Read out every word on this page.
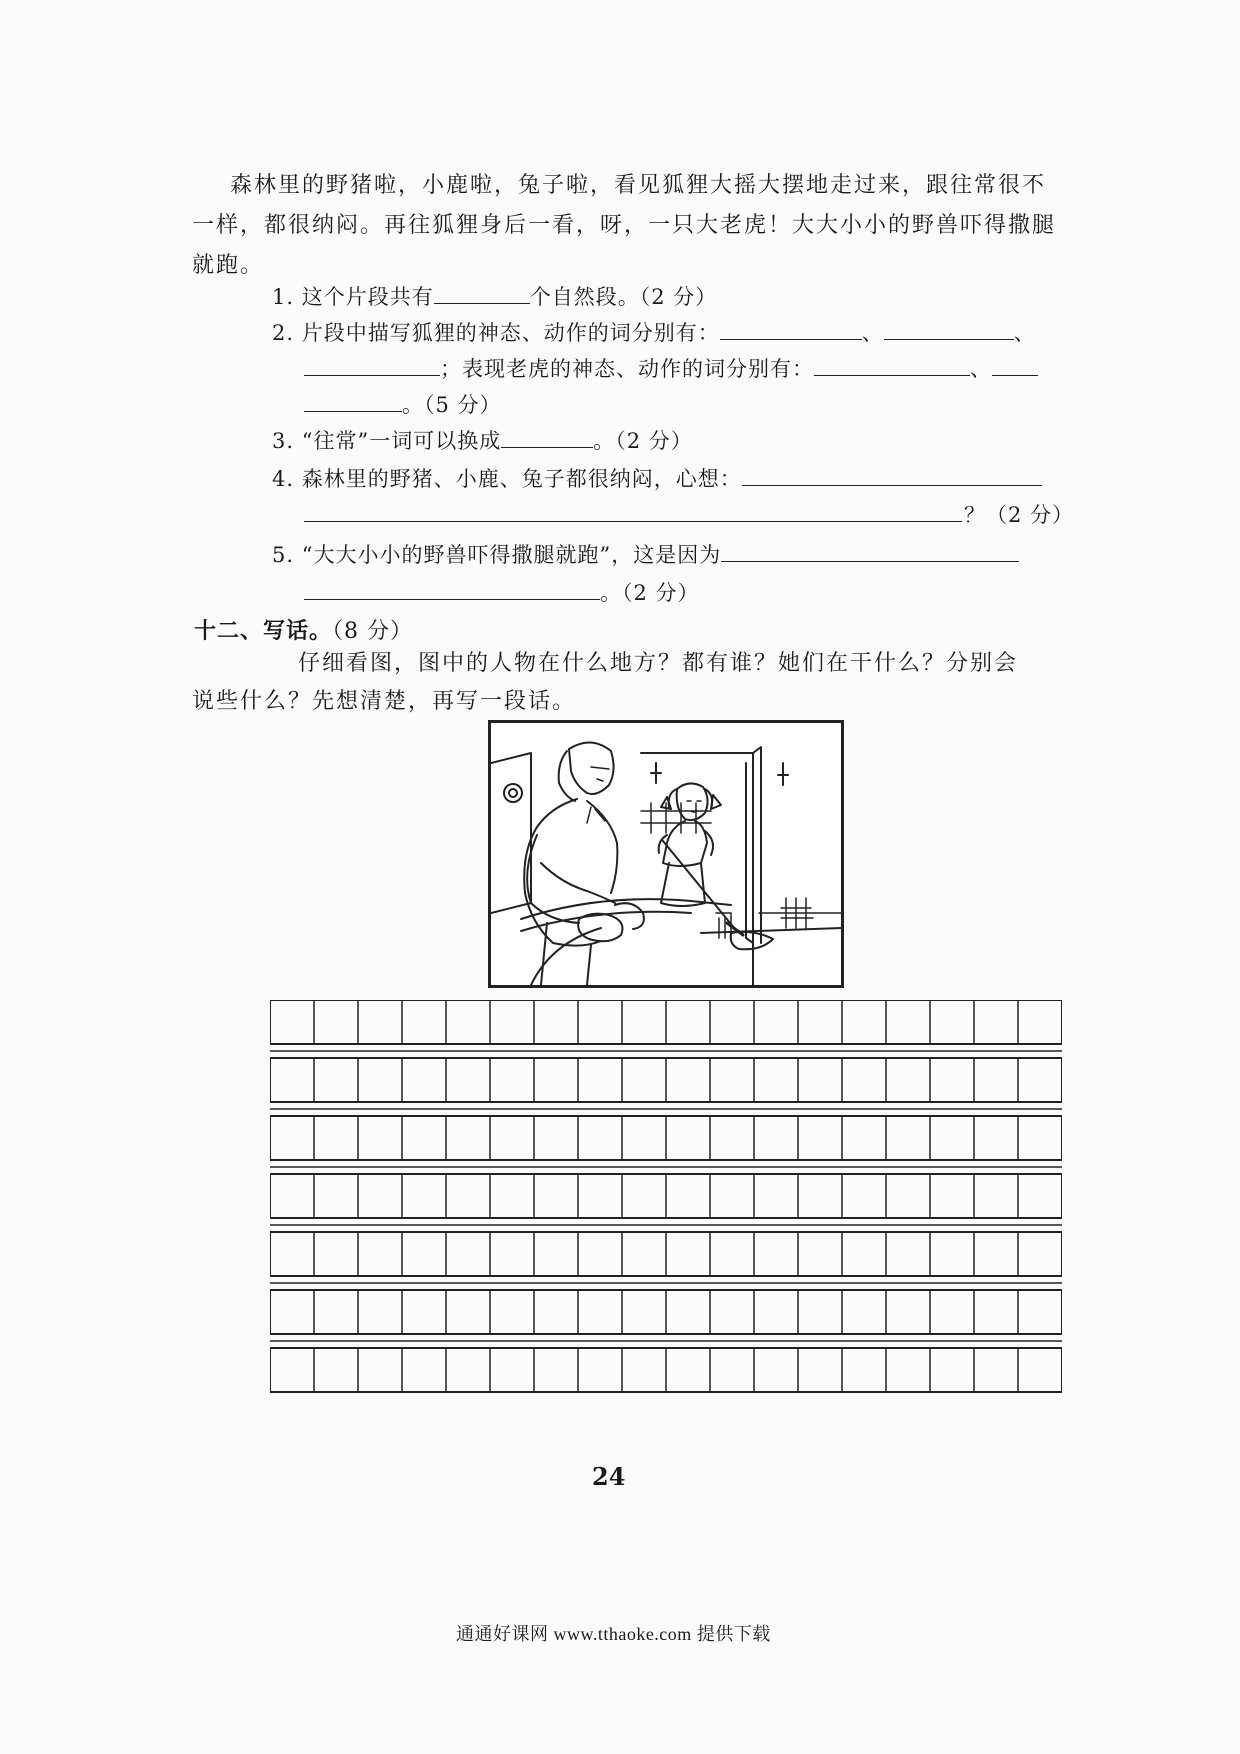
森林里的野猪啦，小鹿啦，兔子啦，看见狐狸大摇大摆地走过来，跟往常很不
一样，都很纳闷。再往狐狸身后一看，呀，一只大老虎！大大小小的野兽吓得撒腿
就跑。
1. 这个片段共有	个自然段。（2 分）
2. 片段中描写狐狸的神态、动作的词分别有：	、	、
；表现老虎的神态、动作的词分别有：	、
。（5 分）
3. “往常”一词可以换成	。（2 分）
4. 森林里的野猪、小鹿、兔子都很纳闷，心想：
？（2 分）
5. “大大小小的野兽吓得撒腿就跑”，这是因为
。（2 分）
十二、写话。（8 分）
仔细看图，图中的人物在什么地方？都有谁？她们在干什么？分别会
说些什么？先想清楚，再写一段话。
24
通通好课网 www.tthaoke.com 提供下载
